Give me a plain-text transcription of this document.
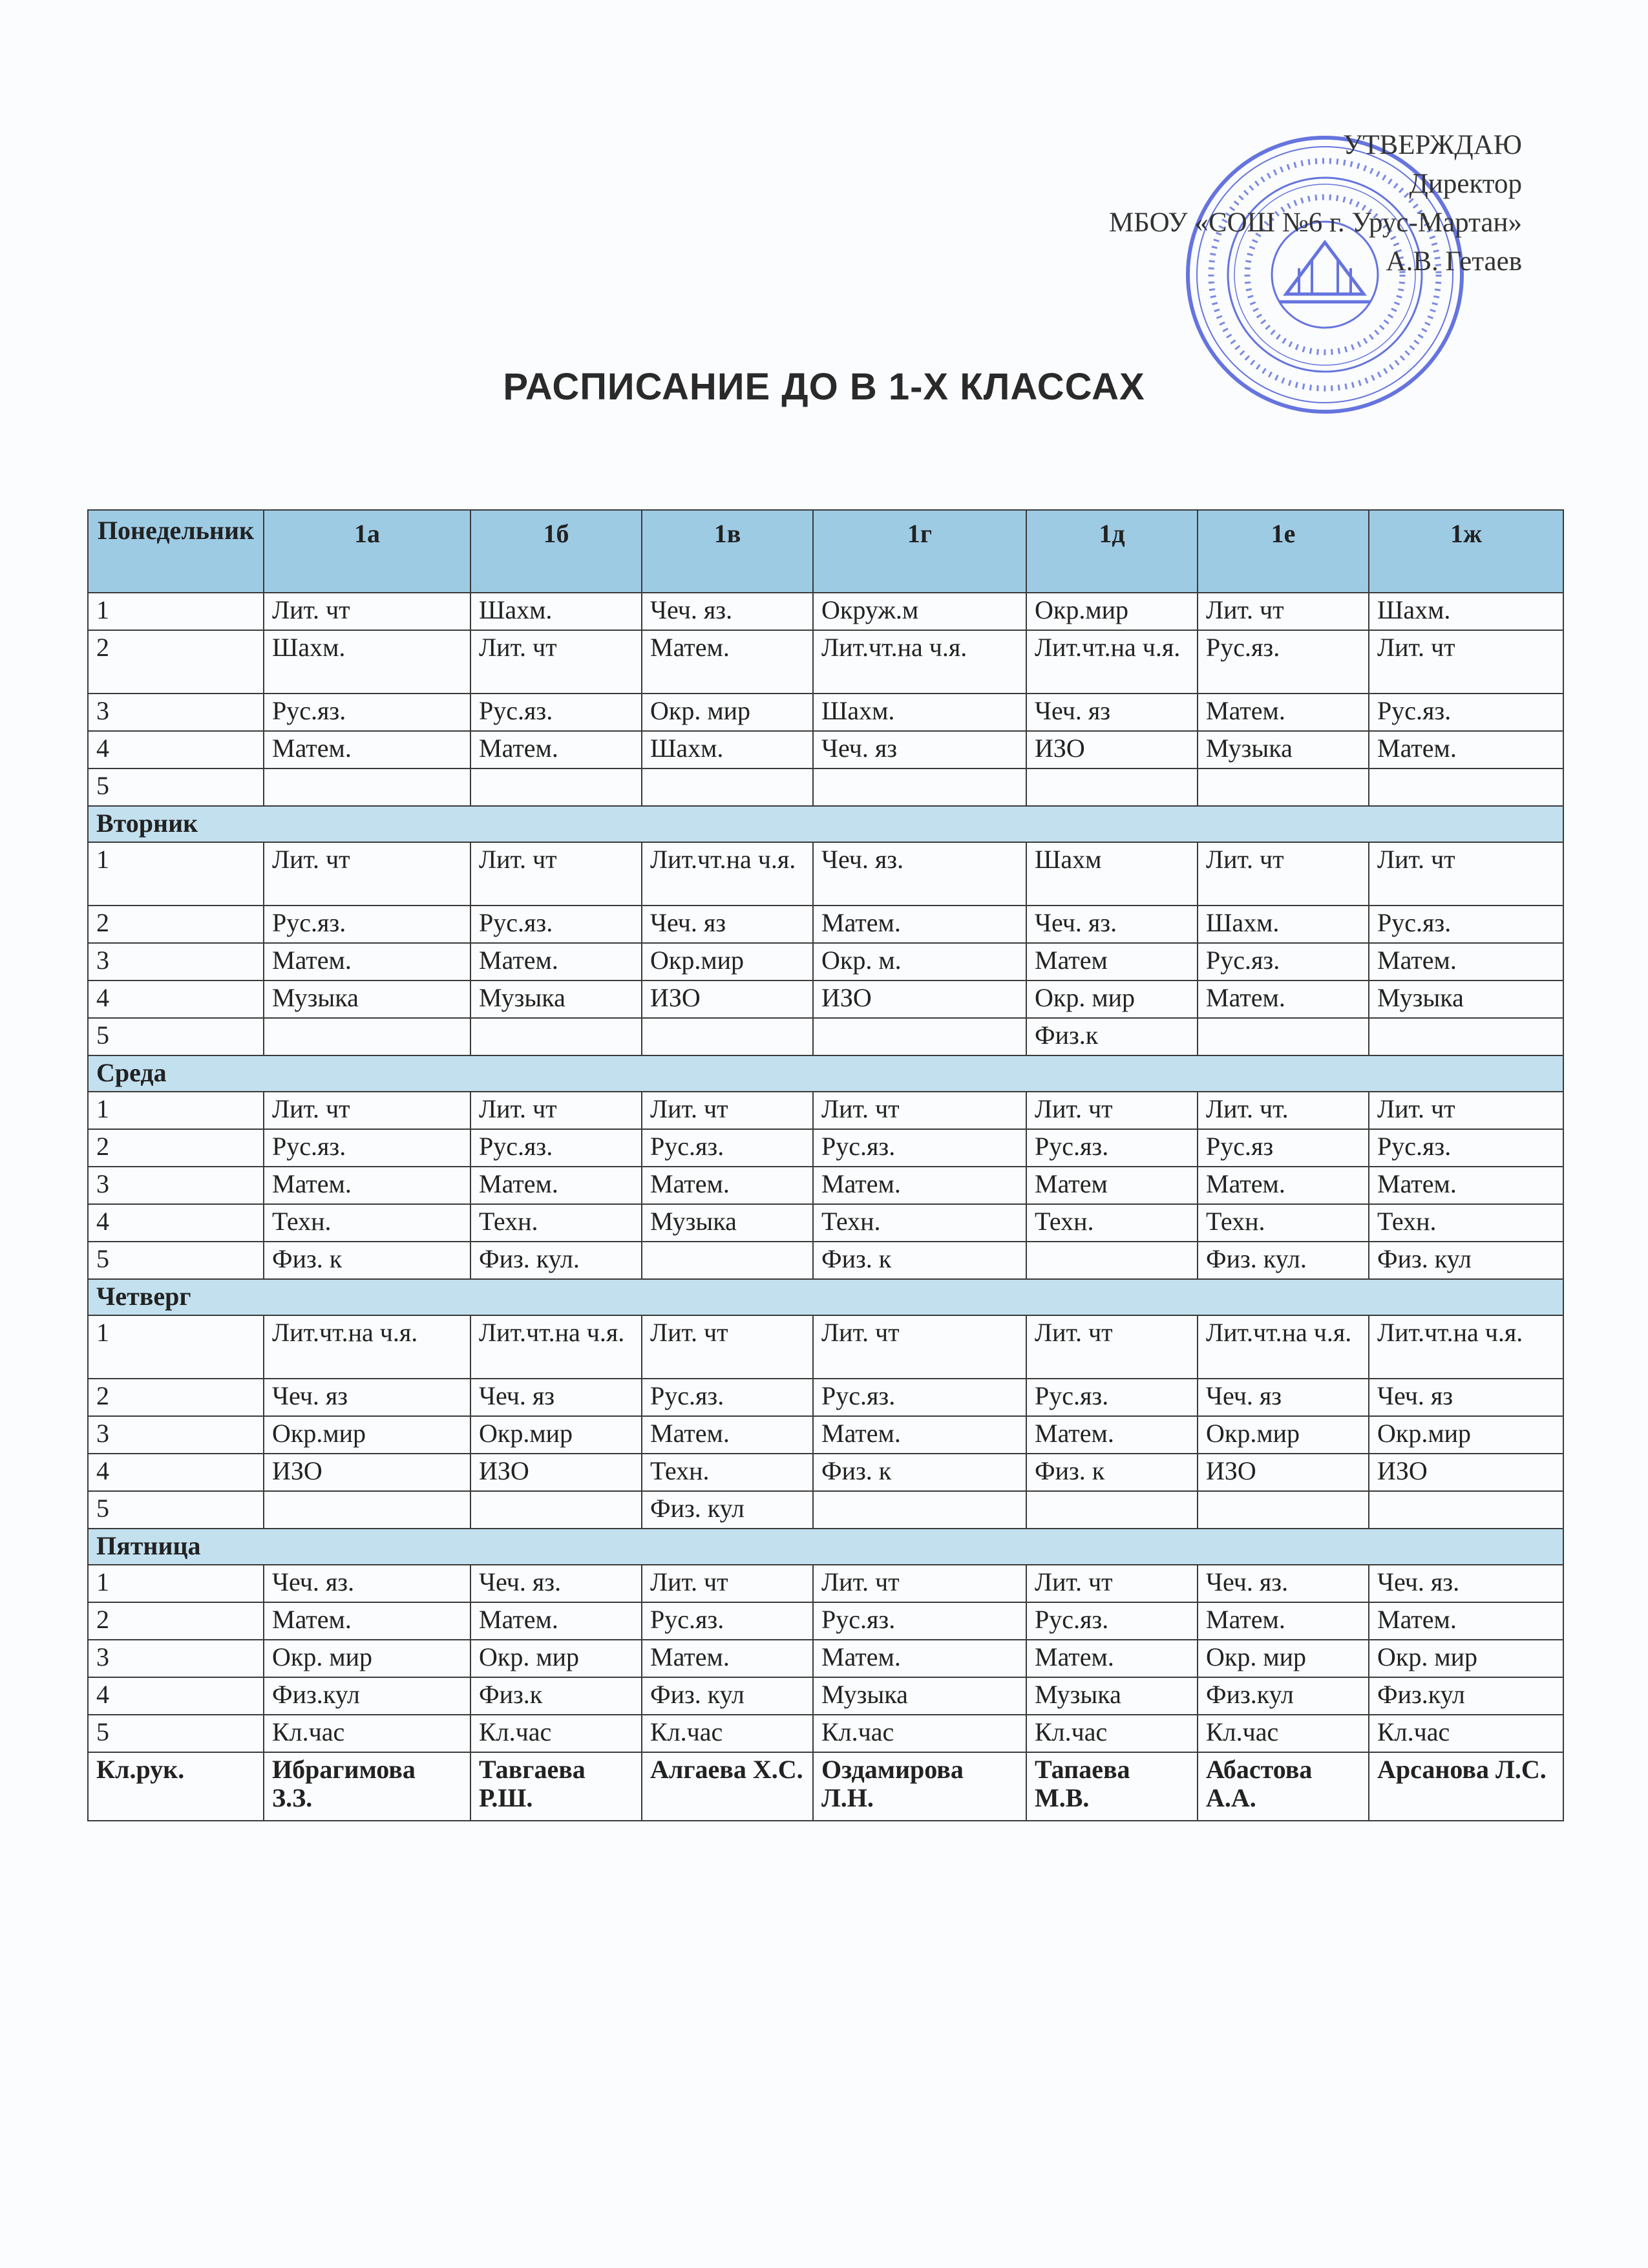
УТВЕРЖДАЮ
Директор
МБОУ «СОШ №6 г. Урус-Мартан»
А.В. Гетаев
РАСПИСАНИЕ ДО В 1-Х КЛАССАХ
Понедельник	1а	1б	1в	1г	1д	1е	1ж
1	Лит. чт	Шахм.	Чеч. яз.	Окруж.м	Окр.мир	Лит. чт	Шахм.
2	Шахм.	Лит. чт	Матем.	Лит.чт.на ч.я.	Лит.чт.на ч.я.	Рус.яз.	Лит. чт
3	Рус.яз.	Рус.яз.	Окр. мир	Шахм.	Чеч. яз	Матем.	Рус.яз.
4	Матем.	Матем.	Шахм.	Чеч. яз	ИЗО	Музыка	Матем.
5							
Вторник							
1	Лит. чт	Лит. чт	Лит.чт.на ч.я.	Чеч. яз.	Шахм	Лит. чт	Лит. чт
2	Рус.яз.	Рус.яз.	Чеч. яз	Матем.	Чеч. яз.	Шахм.	Рус.яз.
3	Матем.	Матем.	Окр.мир	Окр. м.	Матем	Рус.яз.	Матем.
4	Музыка	Музыка	ИЗО	ИЗО	Окр. мир	Матем.	Музыка
5					Физ.к		
Среда							
1	Лит. чт	Лит. чт	Лит. чт	Лит. чт	Лит. чт	Лит. чт.	Лит. чт
2	Рус.яз.	Рус.яз.	Рус.яз.	Рус.яз.	Рус.яз.	Рус.яз	Рус.яз.
3	Матем.	Матем.	Матем.	Матем.	Матем	Матем.	Матем.
4	Техн.	Техн.	Музыка	Техн.	Техн.	Техн.	Техн.
5	Физ. к	Физ. кул.		Физ. к		Физ. кул.	Физ. кул
Четверг							
1	Лит.чт.на ч.я.	Лит.чт.на ч.я.	Лит. чт	Лит. чт	Лит. чт	Лит.чт.на ч.я.	Лит.чт.на ч.я.
2	Чеч. яз	Чеч. яз	Рус.яз.	Рус.яз.	Рус.яз.	Чеч. яз	Чеч. яз
3	Окр.мир	Окр.мир	Матем.	Матем.	Матем.	Окр.мир	Окр.мир
4	ИЗО	ИЗО	Техн.	Физ. к	Физ. к	ИЗО	ИЗО
5			Физ. кул				
Пятница							
1	Чеч. яз.	Чеч. яз.	Лит. чт	Лит. чт	Лит. чт	Чеч. яз.	Чеч. яз.
2	Матем.	Матем.	Рус.яз.	Рус.яз.	Рус.яз.	Матем.	Матем.
3	Окр. мир	Окр. мир	Матем.	Матем.	Матем.	Окр. мир	Окр. мир
4	Физ.кул	Физ.к	Физ. кул	Музыка	Музыка	Физ.кул	Физ.кул
5	Кл.час	Кл.час	Кл.час	Кл.час	Кл.час	Кл.час	Кл.час
Кл.рук.	Ибрагимова З.З.	Тавгаева Р.Ш.	Алгаева Х.С.	Оздамирова Л.Н.	Тапаева М.В.	Абастова А.А.	Арсанова Л.С.
